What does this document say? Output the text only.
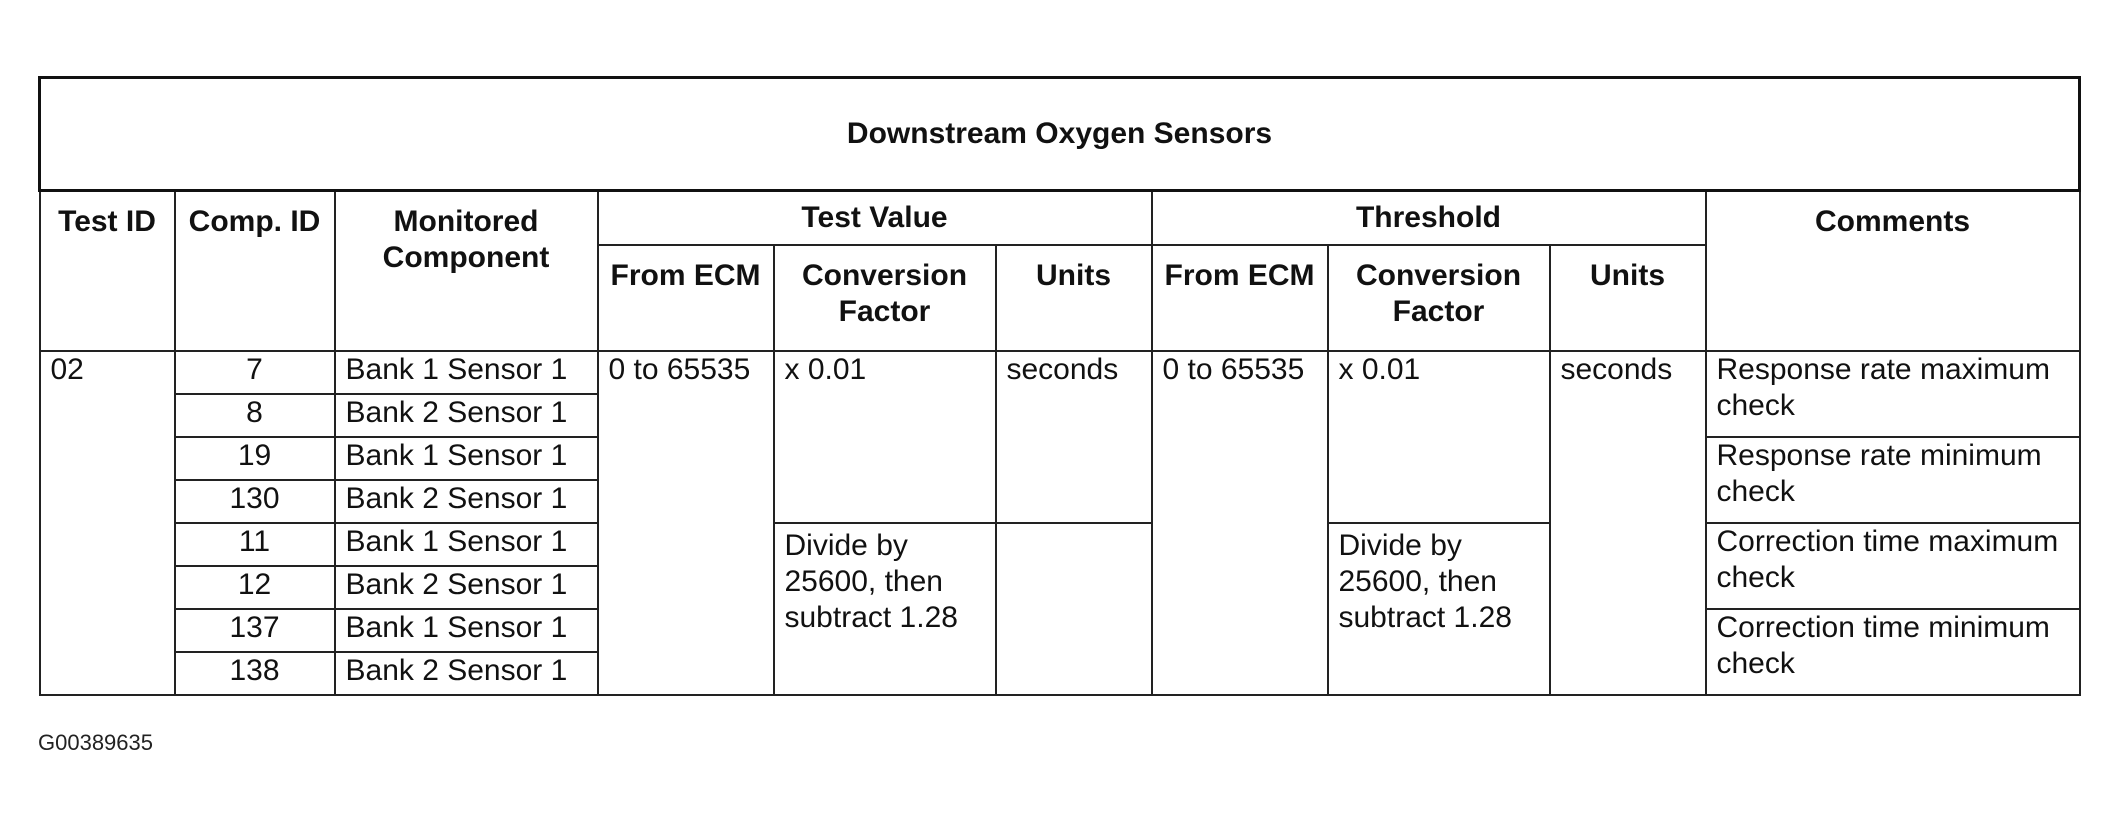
Downstream Oxygen Sensors									
Test ID	Comp. ID	Monitored Component	Test Value			Threshold			Comments
			From ECM	Conversion Factor	Units	From ECM	Conversion Factor	Units	
02	7	Bank 1 Sensor 1	0 to 65535	x 0.01	seconds	0 to 65535	x 0.01	seconds	Response rate maximum check
	8	Bank 2 Sensor 1							
	19	Bank 1 Sensor 1							Response rate minimum check
	130	Bank 2 Sensor 1							
	11	Bank 1 Sensor 1		Divide by 25600, then subtract 1.28			Divide by 25600, then subtract 1.28		Correction time maximum check
	12	Bank 2 Sensor 1							
	137	Bank 1 Sensor 1							Correction time minimum check
	138	Bank 2 Sensor 1							
G00389635
